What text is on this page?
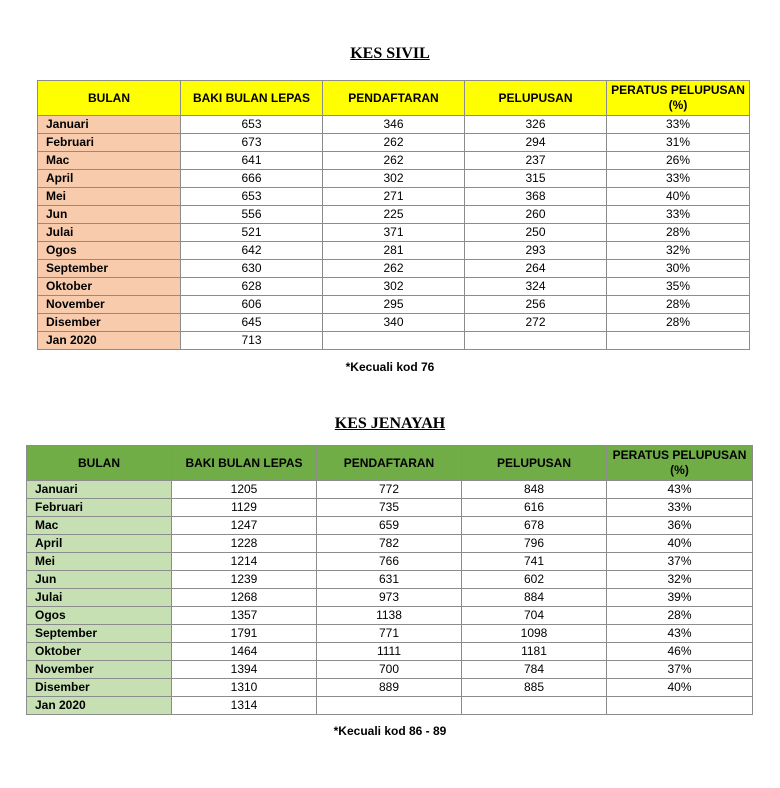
KES SIVIL
BULAN	BAKI BULAN LEPAS	PENDAFTARAN	PELUPUSAN	PERATUS PELUPUSAN (%)
Januari	653	346	326	33%
Februari	673	262	294	31%
Mac	641	262	237	26%
April	666	302	315	33%
Mei	653	271	368	40%
Jun	556	225	260	33%
Julai	521	371	250	28%
Ogos	642	281	293	32%
September	630	262	264	30%
Oktober	628	302	324	35%
November	606	295	256	28%
Disember	645	340	272	28%
Jan 2020	713			
*Kecuali kod 76
KES JENAYAH
BULAN	BAKI BULAN LEPAS	PENDAFTARAN	PELUPUSAN	PERATUS PELUPUSAN (%)
Januari	1205	772	848	43%
Februari	1129	735	616	33%
Mac	1247	659	678	36%
April	1228	782	796	40%
Mei	1214	766	741	37%
Jun	1239	631	602	32%
Julai	1268	973	884	39%
Ogos	1357	1138	704	28%
September	1791	771	1098	43%
Oktober	1464	1111	1181	46%
November	1394	700	784	37%
Disember	1310	889	885	40%
Jan 2020	1314			
*Kecuali kod 86 - 89
